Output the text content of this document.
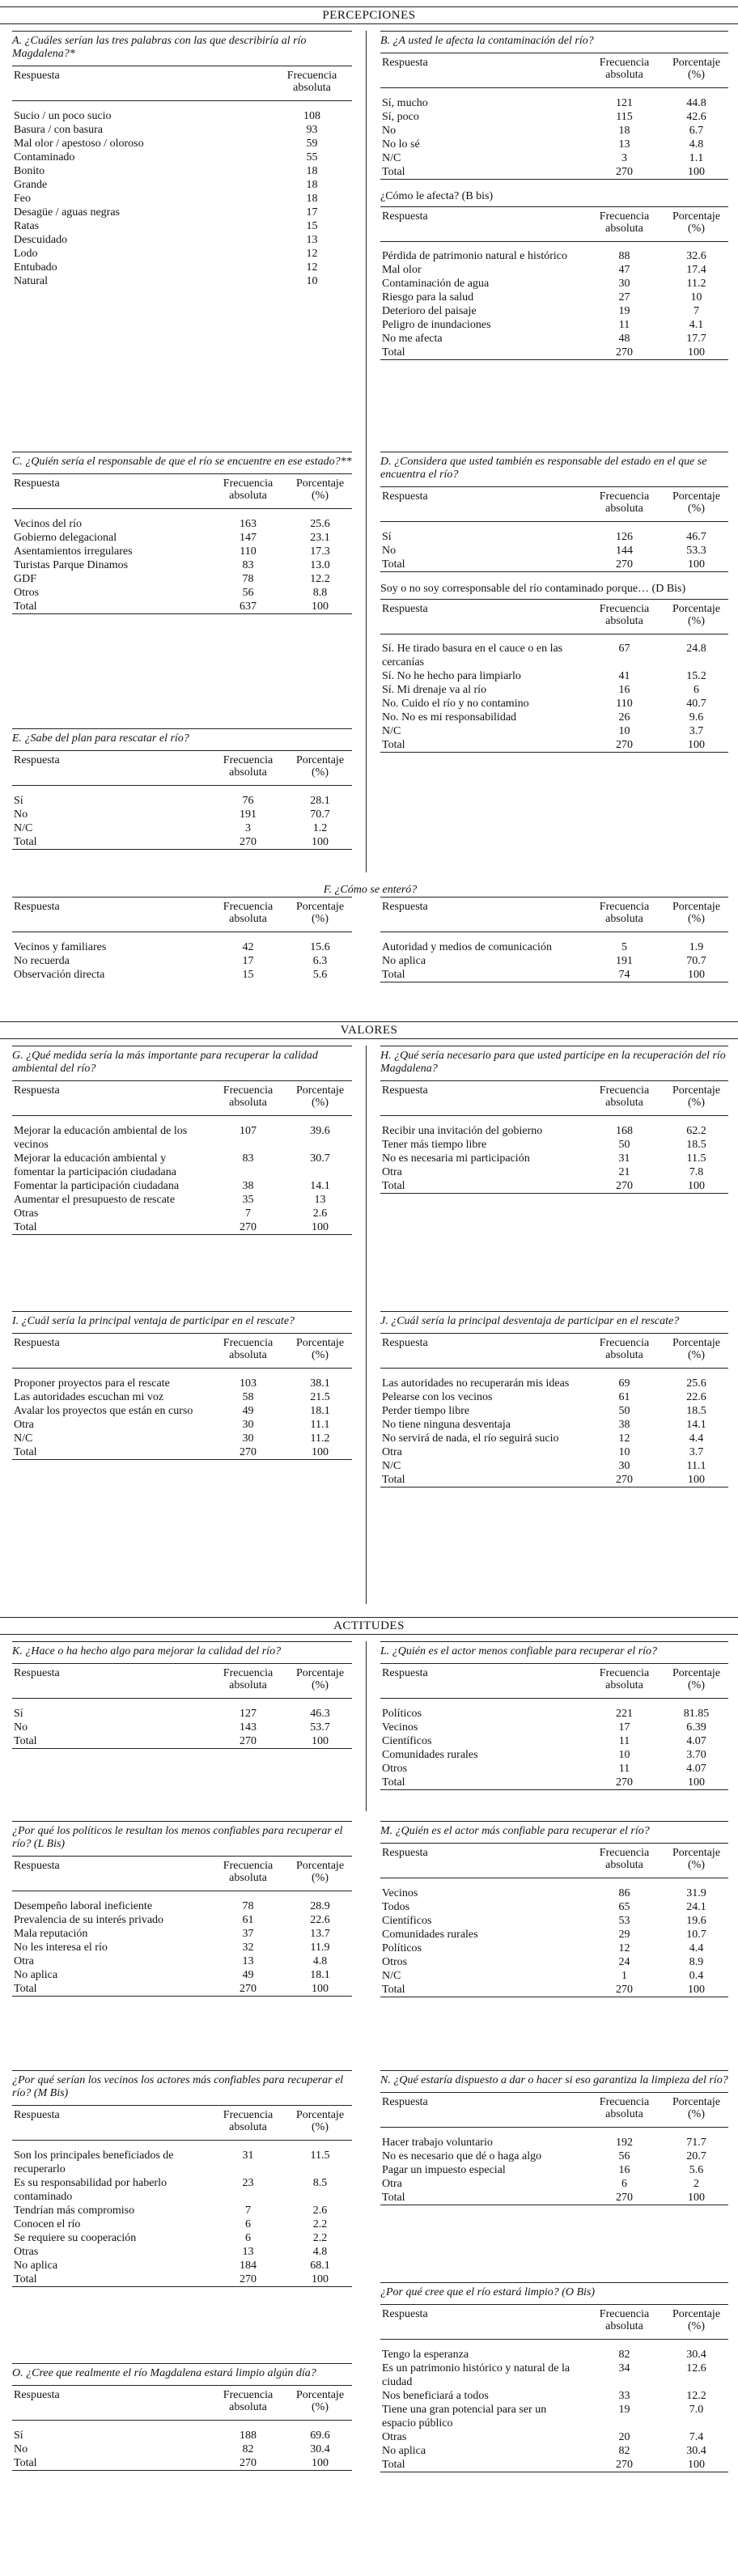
PERCEPCIONES

A. ¿Cuáles serían las tres palabras con las que describiría al río Magdalena?*

Respuesta	Frecuencia absoluta

Sucio / un poco sucio	108
Basura / con basura	93
Mal olor / apestoso / oloroso	59
Contaminado	55
Bonito	18
Grande	18
Feo	18
Desagüe / aguas negras	17
Ratas	15
Descuidado	13
Lodo	12
Entubado	12
Natural	10

B. ¿A usted le afecta la contaminación del río?

Respuesta	Frecuencia absoluta	Porcentaje (%)

Sí, mucho	121	44.8
Sí, poco	115	42.6
No	18	6.7
No lo sé	13	4.8
N/C	3	1.1
Total	270	100

¿Cómo le afecta? (B bis)

Respuesta	Frecuencia absoluta	Porcentaje (%)

Pérdida de patrimonio natural e histórico	88	32.6
Mal olor	47	17.4
Contaminación de agua	30	11.2
Riesgo para la salud	27	10
Deterioro del paisaje	19	7
Peligro de inundaciones	11	4.1
No me afecta	48	17.7
Total	270	100

C. ¿Quién sería el responsable de que el río se encuentre en ese estado?**

Respuesta	Frecuencia absoluta	Porcentaje (%)

Vecinos del río	163	25.6
Gobierno delegacional	147	23.1
Asentamientos irregulares	110	17.3
Turistas Parque Dinamos	83	13.0
GDF	78	12.2
Otros	56	8.8
Total	637	100

D. ¿Considera que usted también es responsable del estado en el que se encuentra el río?

Respuesta	Frecuencia absoluta	Porcentaje (%)

Sí	126	46.7
No	144	53.3
Total	270	100

Soy o no soy corresponsable del río contaminado porque… (D Bis)

Respuesta	Frecuencia absoluta	Porcentaje (%)

Sí. He tirado basura en el cauce o en las cercanías	67	24.8
Sí. No he hecho para limpiarlo	41	15.2
Sí. Mi drenaje va al río	16	6
No. Cuido el río y no contamino	110	40.7
No. No es mi responsabilidad	26	9.6
N/C	10	3.7
Total	270	100

E. ¿Sabe del plan para rescatar el río?

Respuesta	Frecuencia absoluta	Porcentaje (%)

Sí	76	28.1
No	191	70.7
N/C	3	1.2
Total	270	100

F. ¿Cómo se enteró?

Respuesta	Frecuencia absoluta	Porcentaje (%)

Vecinos y familiares	42	15.6
No recuerda	17	6.3
Observación directa	15	5.6
Respuesta	Frecuencia absoluta	Porcentaje (%)

Autoridad y medios de comunicación	5	1.9
No aplica	191	70.7
Total	74	100
VALORES

G. ¿Qué medida sería la más importante para recuperar la calidad ambiental del río?

Respuesta	Frecuencia absoluta	Porcentaje (%)

Mejorar la educación ambiental de los vecinos	107	39.6
Mejorar la educación ambiental y fomentar la participación ciudadana	83	30.7
Fomentar la participación ciudadana	38	14.1
Aumentar el presupuesto de rescate	35	13
Otras	7	2.6
Total	270	100

H. ¿Qué sería necesario para que usted participe en la recuperación del río Magdalena?

Respuesta	Frecuencia absoluta	Porcentaje (%)

Recibir una invitación del gobierno	168	62.2
Tener más tiempo libre	50	18.5
No es necesaria mi participación	31	11.5
Otra	21	7.8
Total	270	100

I. ¿Cuál sería la principal ventaja de participar en el rescate?

Respuesta	Frecuencia absoluta	Porcentaje (%)

Proponer proyectos para el rescate	103	38.1
Las autoridades escuchan mi voz	58	21.5
Avalar los proyectos que están en curso	49	18.1
Otra	30	11.1
N/C	30	11.2
Total	270	100

J. ¿Cuál sería la principal desventaja de participar en el rescate?

Respuesta	Frecuencia absoluta	Porcentaje (%)

Las autoridades no recuperarán mis ideas	69	25.6
Pelearse con los vecinos	61	22.6
Perder tiempo libre	50	18.5
No tiene ninguna desventaja	38	14.1
No servirá de nada, el río seguirá sucio	12	4.4
Otra	10	3.7
N/C	30	11.1
Total	270	100
ACTITUDES

K. ¿Hace o ha hecho algo para mejorar la calidad del río?

Respuesta	Frecuencia absoluta	Porcentaje (%)

Sí	127	46.3
No	143	53.7
Total	270	100

L. ¿Quién es el actor menos confiable para recuperar el río?

Respuesta	Frecuencia absoluta	Porcentaje (%)

Políticos	221	81.85
Vecinos	17	6.39
Científicos	11	4.07
Comunidades rurales	10	3.70
Otros	11	4.07
Total	270	100

¿Por qué los políticos le resultan los menos confiables para recuperar el río? (L Bis)

Respuesta	Frecuencia absoluta	Porcentaje (%)

Desempeño laboral ineficiente	78	28.9
Prevalencia de su interés privado	61	22.6
Mala reputación	37	13.7
No les interesa el río	32	11.9
Otra	13	4.8
No aplica	49	18.1
Total	270	100

M. ¿Quién es el actor más confiable para recuperar el río?

Respuesta	Frecuencia absoluta	Porcentaje (%)

Vecinos	86	31.9
Todos	65	24.1
Científicos	53	19.6
Comunidades rurales	29	10.7
Políticos	12	4.4
Otros	24	8.9
N/C	1	0.4
Total	270	100

¿Por qué serían los vecinos los actores más confiables para recuperar el río? (M Bis)

Respuesta	Frecuencia absoluta	Porcentaje (%)

Son los principales beneficiados de recuperarlo	31	11.5
Es su responsabilidad por haberlo contaminado	23	8.5
Tendrían más compromiso	7	2.6
Conocen el río	6	2.2
Se requiere su cooperación	6	2.2
Otras	13	4.8
No aplica	184	68.1
Total	270	100

N. ¿Qué estaría dispuesto a dar o hacer si eso garantiza la limpieza del río?

Respuesta	Frecuencia absoluta	Porcentaje (%)

Hacer trabajo voluntario	192	71.7
No es necesario que dé o haga algo	56	20.7
Pagar un impuesto especial	16	5.6
Otra	6	2
Total	270	100

¿Por qué cree que el río estará limpio? (O Bis)

Respuesta	Frecuencia absoluta	Porcentaje (%)

Tengo la esperanza	82	30.4
Es un patrimonio histórico y natural de la ciudad	34	12.6
Nos beneficiará a todos	33	12.2
Tiene una gran potencial para ser un espacio público	19	7.0
Otras	20	7.4
No aplica	82	30.4
Total	270	100

O. ¿Cree que realmente el río Magdalena estará limpio algún día?

Respuesta	Frecuencia absoluta	Porcentaje (%)

Sí	188	69.6
No	82	30.4
Total	270	100
